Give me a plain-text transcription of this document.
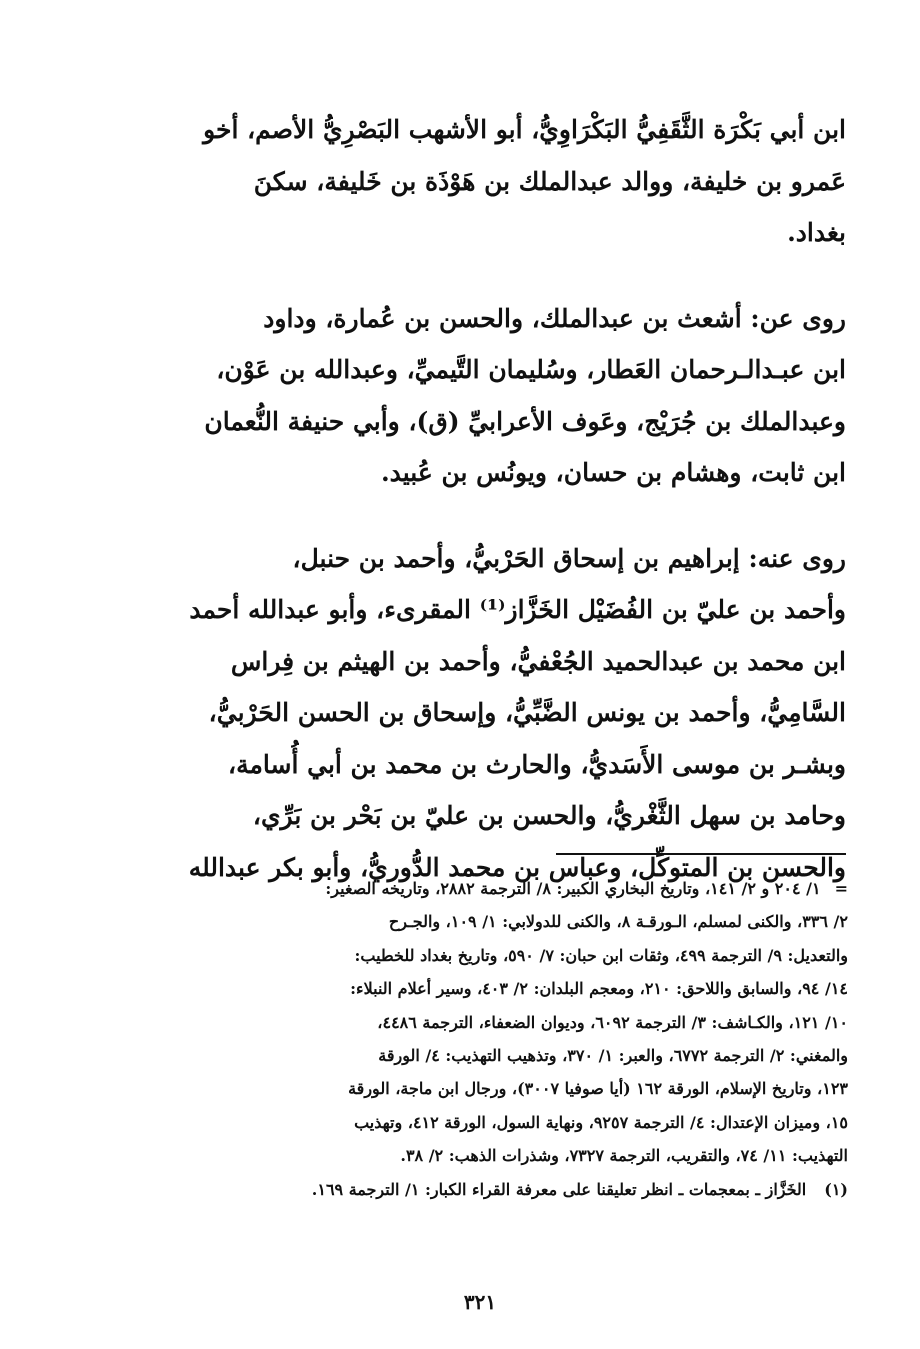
ابن أبي بَكْرَة الثَّقَفِيُّ البَكْرَاوِيُّ، أبو الأشهب البَصْرِيُّ الأصم، أخو

عَمرو بن خليفة، ووالد عبدالملك بن هَوْذَة بن خَليفة، سكنَ

بغداد.

روى عن: أشعث بن عبدالملك، والحسن بن عُمارة، وداود

ابن عبـدالـرحمان العَطار، وسُليمان التَّيميِّ، وعبدالله بن عَوْن،

وعبدالملك بن جُرَيْج، وعَوف الأعرابيِّ (ق)، وأبي حنيفة النُّعمان

ابن ثابت، وهشام بن حسان، ويونُس بن عُبيد.

روى عنه: إبراهيم بن إسحاق الحَرْبيُّ، وأحمد بن حنبل،

وأحمد بن عليّ بن الفُضَيْل الخَزَّاز⁽¹⁾ المقرىء، وأبو عبدالله أحمد

ابن محمد بن عبدالحميد الجُعْفيُّ، وأحمد بن الهيثم بن فِراس

السَّامِيُّ، وأحمد بن يونس الضَّبِّيُّ، وإسحاق بن الحسن الحَرْبيُّ،

وبشـر بن موسى الأَسَديُّ، والحارث بن محمد بن أبي أُسامة،

وحامد بن سهل الثَّغْريُّ، والحسن بن عليّ بن بَحْر بن بَرِّي،

والحسن بن المتوكِّل، وعباس بن محمد الدُّوريُّ، وأبو بكر عبدالله

=١/ ٢٠٤ و ٢/ ١٤١، وتاريخ البخاري الكبير: ٨/ الترجمة ٢٨٨٢، وتاريخه الصغير:

٢/ ٣٣٦، والكنى لمسلم، الـورقـة ٨، والكنى للدولابي: ١/ ١٠٩، والجـرح

والتعديل: ٩/ الترجمة ٤٩٩، وثقات ابن حبان: ٧/ ٥٩٠، وتاريخ بغداد للخطيب:

١٤/ ٩٤، والسابق واللاحق: ٢١٠، ومعجم البلدان: ٢/ ٤٠٣، وسير أعلام النبلاء:

١٠/ ١٢١، والكـاشف: ٣/ الترجمة ٦٠٩٢، وديوان الضعفاء، الترجمة ٤٤٨٦،

والمغني: ٢/ الترجمة ٦٧٧٢، والعبر: ١/ ٣٧٠، وتذهيب التهذيب: ٤/ الورقة

١٢٣، وتاريخ الإسلام، الورقة ١٦٢ (أيا صوفيا ٣٠٠٧)، ورجال ابن ماجة، الورقة

١٥، وميزان الإعتدال: ٤/ الترجمة ٩٢٥٧، ونهاية السول، الورقة ٤١٢، وتهذيب

التهذيب: ١١/ ٧٤، والتقريب، الترجمة ٧٣٢٧، وشذرات الذهب: ٢/ ٣٨.

(١)
الخَزَّاز ـ بمعجمات ـ انظر تعليقنا على معرفة القراء الكبار: ١/ الترجمة ١٦٩.

٣٢١
